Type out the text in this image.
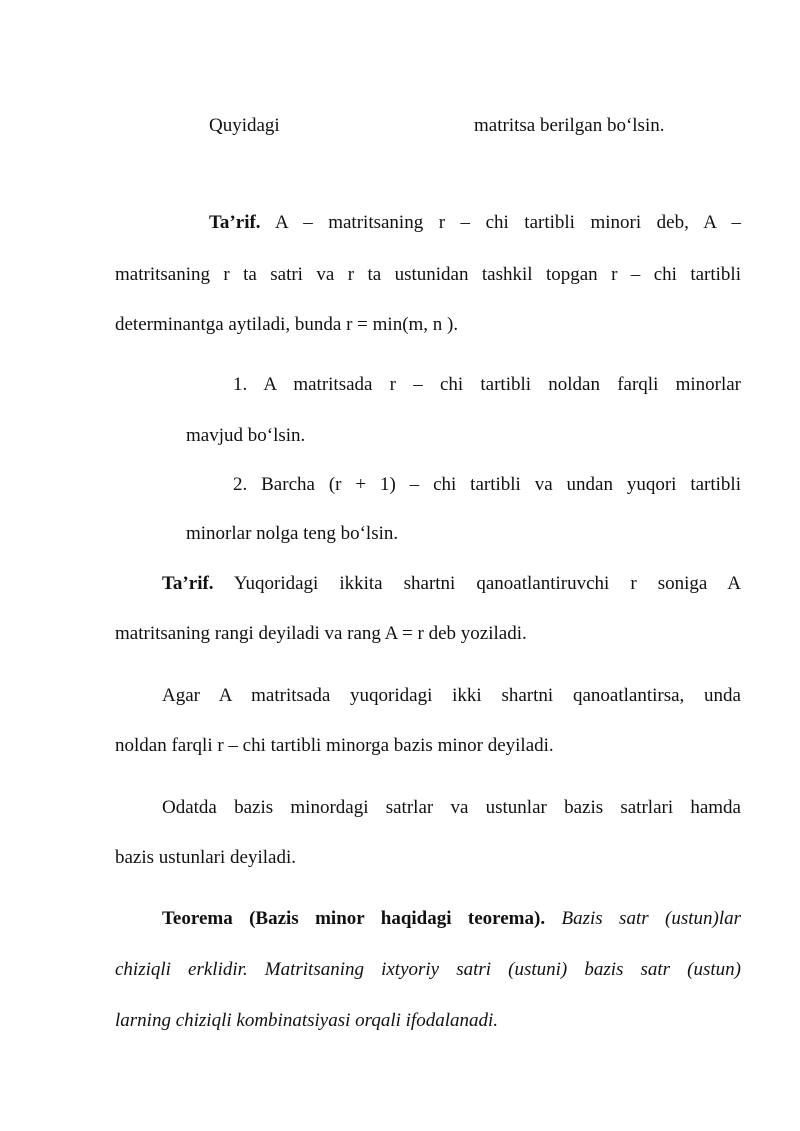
Quyidagi	matritsa berilgan bo‘lsin.
Ta’rif. A – matritsaning r – chi tartibli minori deb, A –
matritsaning r ta satri va r ta ustunidan tashkil topgan r – chi tartibli
determinantga aytiladi, bunda r = min(m, n ).
1. A matritsada r – chi tartibli noldan farqli minorlar
mavjud bo‘lsin.
2. Barcha (r + 1) – chi tartibli va undan yuqori tartibli
minorlar nolga teng bo‘lsin.
Ta’rif. Yuqoridagi ikkita shartni qanoatlantiruvchi r soniga A
matritsaning rangi deyiladi va rang A = r deb yoziladi.
Agar A matritsada yuqoridagi ikki shartni qanoatlantirsa, unda
noldan farqli r – chi tartibli minorga bazis minor deyiladi.
Odatda bazis minordagi satrlar va ustunlar bazis satrlari hamda
bazis ustunlari deyiladi.
Teorema (Bazis minor haqidagi teorema). Bazis satr (ustun)lar
chiziqli erklidir. Matritsaning ixtyoriy satri (ustuni) bazis satr (ustun)
larning chiziqli kombinatsiyasi orqali ifodalanadi.
